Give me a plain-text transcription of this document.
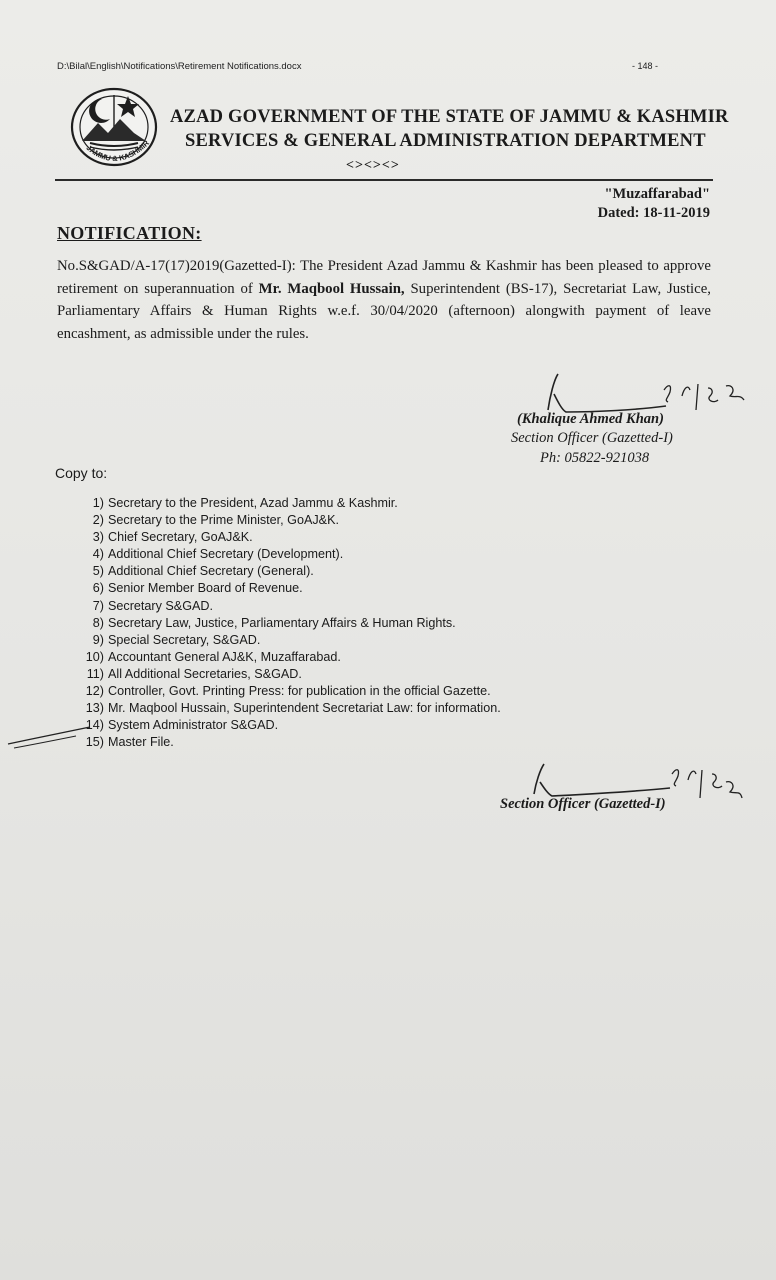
D:\Bilal\English\Notifications\Retirement Notifications.docx	- 148 -
JAMMU & KASHMIR
AZAD GOVERNMENT OF THE STATE OF JAMMU & KASHMIR
SERVICES & GENERAL ADMINISTRATION DEPARTMENT
<><><>
"Muzaffarabad"
Dated: 18-11-2019
NOTIFICATION:
No.S&GAD/A-17(17)2019(Gazetted-I): The President Azad Jammu & Kashmir has been pleased to approve retirement on superannuation of Mr. Maqbool Hussain, Superintendent (BS-17), Secretariat Law, Justice, Parliamentary Affairs & Human Rights w.e.f. 30/04/2020 (afternoon) alongwith payment of leave encashment, as admissible under the rules.
(Khalique Ahmed Khan)
Section Officer (Gazetted-I)
Ph: 05822-921038
Copy to:
1) Secretary to the President, Azad Jammu & Kashmir.
2) Secretary to the Prime Minister, GoAJ&K.
3) Chief Secretary, GoAJ&K.
4) Additional Chief Secretary (Development).
5) Additional Chief Secretary (General).
6) Senior Member Board of Revenue.
7) Secretary S&GAD.
8) Secretary Law, Justice, Parliamentary Affairs & Human Rights.
9) Special Secretary, S&GAD.
10) Accountant General AJ&K, Muzaffarabad.
11) All Additional Secretaries, S&GAD.
12) Controller, Govt. Printing Press: for publication in the official Gazette.
13) Mr. Maqbool Hussain, Superintendent Secretariat Law: for information.
14) System Administrator S&GAD.
15) Master File.
Section Officer (Gazetted-I)
